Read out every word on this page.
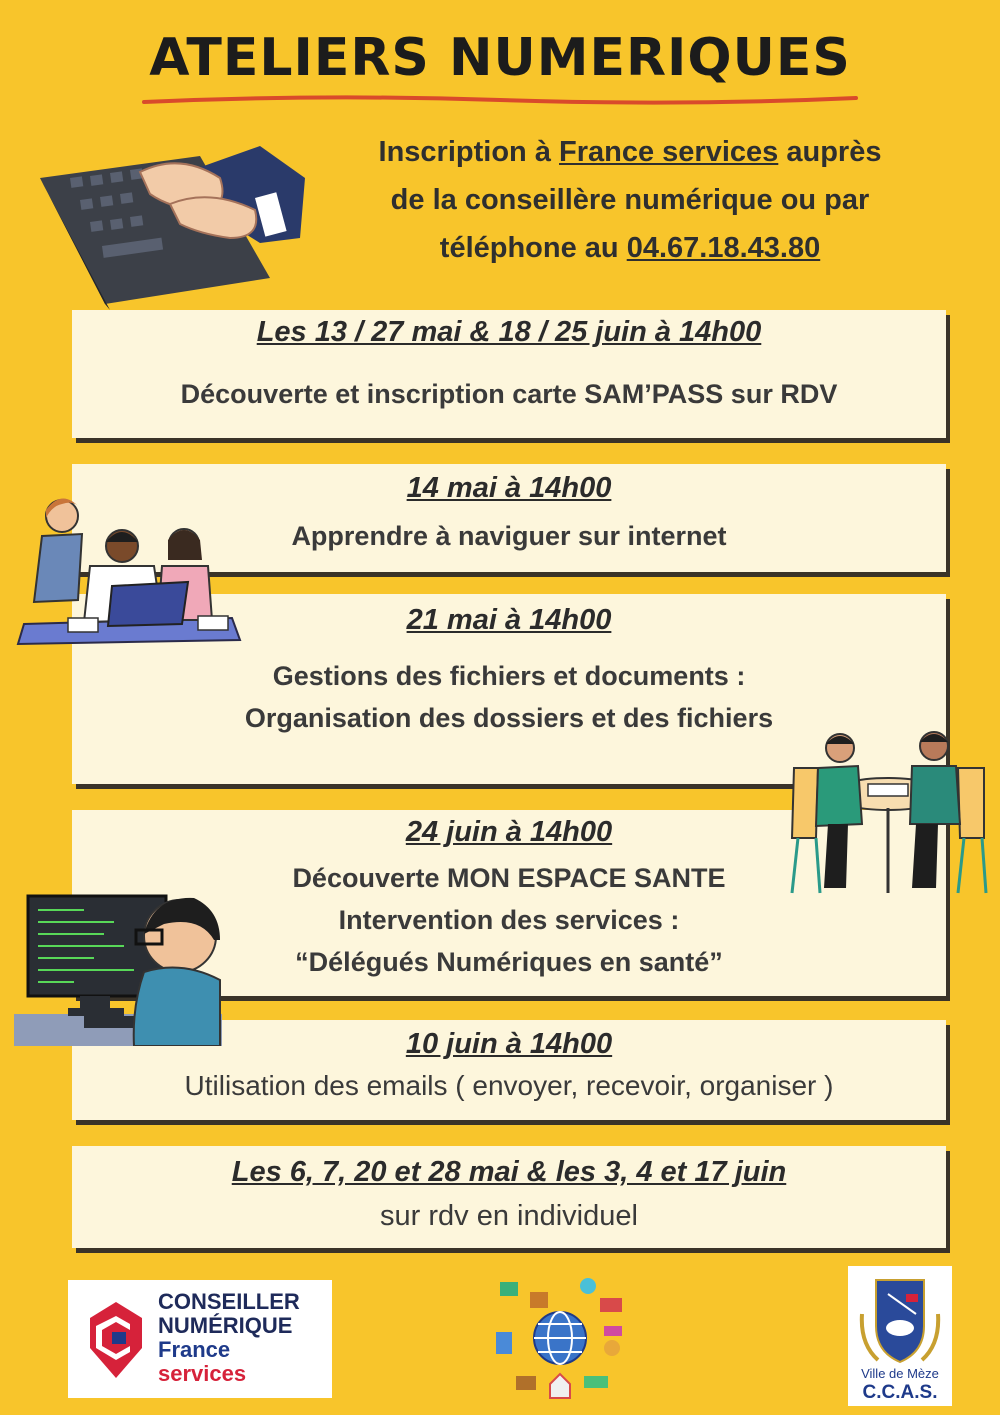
ATELIERS NUMERIQUES
Inscription à France services auprès
de la conseillère numérique ou par
téléphone au 04.67.18.43.80
Les 13 / 27 mai & 18 / 25 juin à 14h00
Découverte et inscription carte SAM’PASS sur RDV
14 mai à 14h00
Apprendre à naviguer sur internet
21 mai à 14h00
Gestions des fichiers et documents :
Organisation des dossiers et des fichiers
24 juin à 14h00
Découverte MON ESPACE SANTE
Intervention des services :
“Délégués Numériques en santé”
10 juin à 14h00
Utilisation des emails ( envoyer, recevoir, organiser )
Les 6, 7, 20 et 28 mai & les 3, 4 et 17 juin
sur rdv en individuel
CONSEILLER
NUMÉRIQUE
France
services	Ville de Mèze
C.C.A.S.
